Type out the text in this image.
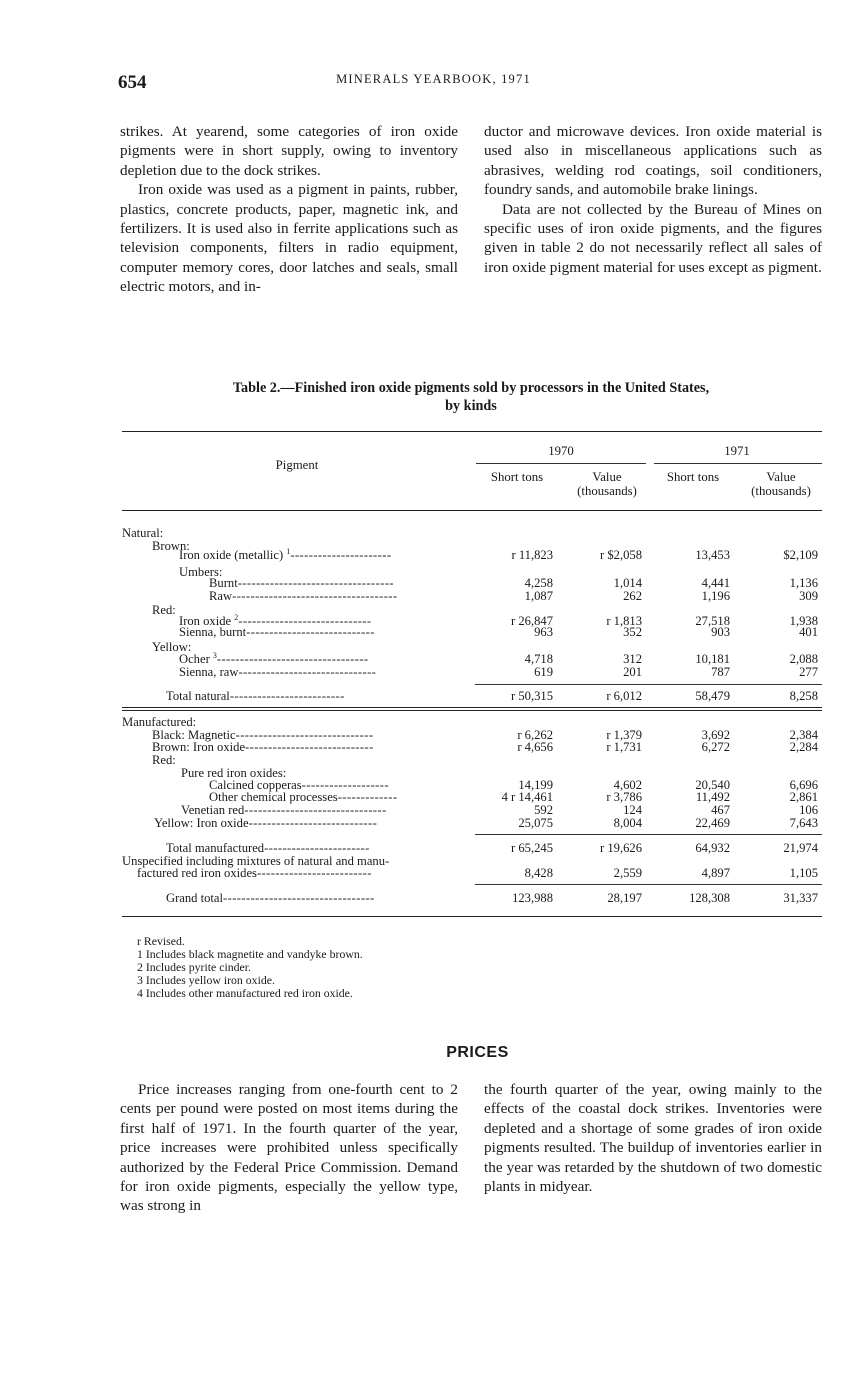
654	MINERALS YEARBOOK, 1971

strikes. At yearend, some categories of iron oxide pigments were in short supply, owing to inventory depletion due to the dock strikes.

Iron oxide was used as a pigment in paints, rubber, plastics, concrete products, paper, magnetic ink, and fertilizers. It is used also in ferrite applications such as television components, filters in radio equipment, computer memory cores, door latches and seals, small electric motors, and in-

ductor and microwave devices. Iron oxide material is used also in miscellaneous applications such as abrasives, welding rod coatings, soil conditioners, foundry sands, and automobile brake linings.

Data are not collected by the Bureau of Mines on specific uses of iron oxide pigments, and the figures given in table 2 do not necessarily reflect all sales of iron oxide pigment material for uses except as pigment.

Table 2.—Finished iron oxide pigments sold by processors in the United States,
by kinds
Pigment
1970	1971
Short tons	Value
(thousands)
Short tons	Value
(thousands)
Natural:
Brown:
Iron oxide (metallic) $^1$----------------------	r 11,823	r $2,058	13,453	$2,109
Umbers:
Burnt----------------------------------	4,258	1,014	4,441	1,136
Raw------------------------------------	1,087	262	1,196	309
Red:
Iron oxide $^2$-----------------------------	r 26,847	r 1,813	27,518	1,938
Sienna, burnt----------------------------	963	352	903	401
Yellow:
Ocher $^3$---------------------------------	4,718	312	10,181	2,088
Sienna, raw------------------------------	619	201	787	277
Total natural-------------------------	r 50,315	r 6,012	58,479	8,258
Manufactured:
Black: Magnetic------------------------------	r 6,262	r 1,379	3,692	2,384
Brown: Iron oxide----------------------------	r 4,656	r 1,731	6,272	2,284
Red:
Pure red iron oxides:
Calcined copperas-------------------	14,199	4,602	20,540	6,696
Other chemical processes-------------	4 r 14,461	r 3,786	11,492	2,861
Venetian red-------------------------------	592	124	467	106
Yellow: Iron oxide----------------------------	25,075	8,004	22,469	7,643
Total manufactured-----------------------	r 65,245	r 19,626	64,932	21,974
Unspecified including mixtures of natural and manu-
factured red iron oxides-------------------------	8,428	2,559	4,897	1,105
Grand total---------------------------------	123,988	28,197	128,308	31,337
r Revised.
1 Includes black magnetite and vandyke brown.
2 Includes pyrite cinder.
3 Includes yellow iron oxide.
4 Includes other manufactured red iron oxide.
PRICES

Price increases ranging from one-fourth cent to 2 cents per pound were posted on most items during the first half of 1971. In the fourth quarter of the year, price increases were prohibited unless specifically authorized by the Federal Price Commission. Demand for iron oxide pigments, especially the yellow type, was strong in

the fourth quarter of the year, owing mainly to the effects of the coastal dock strikes. Inventories were depleted and a shortage of some grades of iron oxide pigments resulted. The buildup of inventories earlier in the year was retarded by the shutdown of two domestic plants in midyear.
